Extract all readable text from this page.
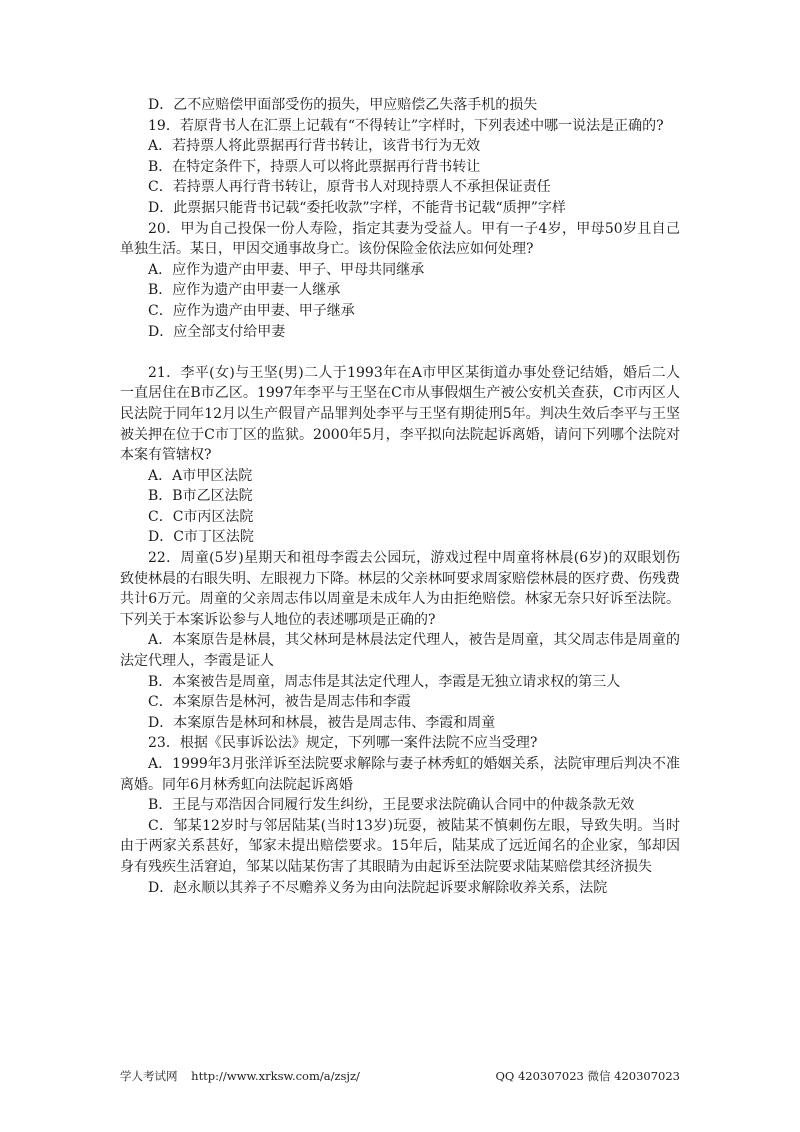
D．乙不应赔偿甲面部受伤的损失，甲应赔偿乙失落手机的损失

19．若原背书人在汇票上记载有“不得转让”字样时，下列表述中哪一说法是正确的?

A．若持票人将此票据再行背书转让，该背书行为无效

B．在特定条件下，持票人可以将此票据再行背书转让

C．若持票人再行背书转让，原背书人对现持票人不承担保证责任

D．此票据只能背书记载“委托收款”字样，不能背书记载“质押”字样

20．甲为自己投保一份人寿险，指定其妻为受益人。甲有一子4岁，甲母50岁且自己单独生活。某日，甲因交通事故身亡。该份保险金依法应如何处理?

A．应作为遗产由甲妻、甲子、甲母共同继承

B．应作为遗产由甲妻一人继承

C．应作为遗产由甲妻、甲子继承

D．应全部支付给甲妻

21．李平(女)与王坚(男)二人于1993年在A市甲区某街道办事处登记结婚，婚后二人一直居住在B市乙区。1997年李平与王坚在C市从事假烟生产被公安机关查获，C市丙区人民法院于同年12月以生产假冒产品罪判处李平与王坚有期徒刑5年。判决生效后李平与王坚被关押在位于C市丁区的监狱。2000年5月，李平拟向法院起诉离婚，请问下列哪个法院对本案有管辖权?

A．A市甲区法院

B．B市乙区法院

C．C市丙区法院

D．C市丁区法院

22．周童(5岁)星期天和祖母李霞去公园玩，游戏过程中周童将林晨(6岁)的双眼划伤致使林晨的右眼失明、左眼视力下降。林层的父亲林呵要求周家赔偿林晨的医疗费、伤残费共计6万元。周童的父亲周志伟以周童是未成年人为由拒绝赔偿。林家无奈只好诉至法院。下列关于本案诉讼参与人地位的表述哪项是正确的?

A．本案原告是林晨，其父林珂是林晨法定代理人，被告是周童，其父周志伟是周童的法定代理人，李霞是证人

B．本案被告是周童，周志伟是其法定代理人，李霞是无独立请求权的第三人

C．本案原告是林河，被告是周志伟和李霞

D．本案原告是林珂和林晨，被告是周志伟、李霞和周童

23．根据《民事诉讼法》规定，下列哪一案件法院不应当受理?

A．1999年3月张洋诉至法院要求解除与妻子林秀虹的婚姻关系，法院审理后判决不准离婚。同年6月林秀虹向法院起诉离婚

B．王昆与邓浩因合同履行发生纠纷，王昆要求法院确认合同中的仲裁条款无效

C．邹某12岁时与邻居陆某(当时13岁)玩耍，被陆某不慎刺伤左眼，导致失明。当时由于两家关系甚好，邹家未提出赔偿要求。15年后，陆某成了远近闻名的企业家，邹却因身有残疾生活窘迫，邹某以陆某伤害了其眼睛为由起诉至法院要求陆某赔偿其经济损失

D．赵永顺以其养子不尽赡养义务为由向法院起诉要求解除收养关系，法院

学人考试网 http://www.xrksw.com/a/zsjz/	QQ 420307023 微信 420307023
